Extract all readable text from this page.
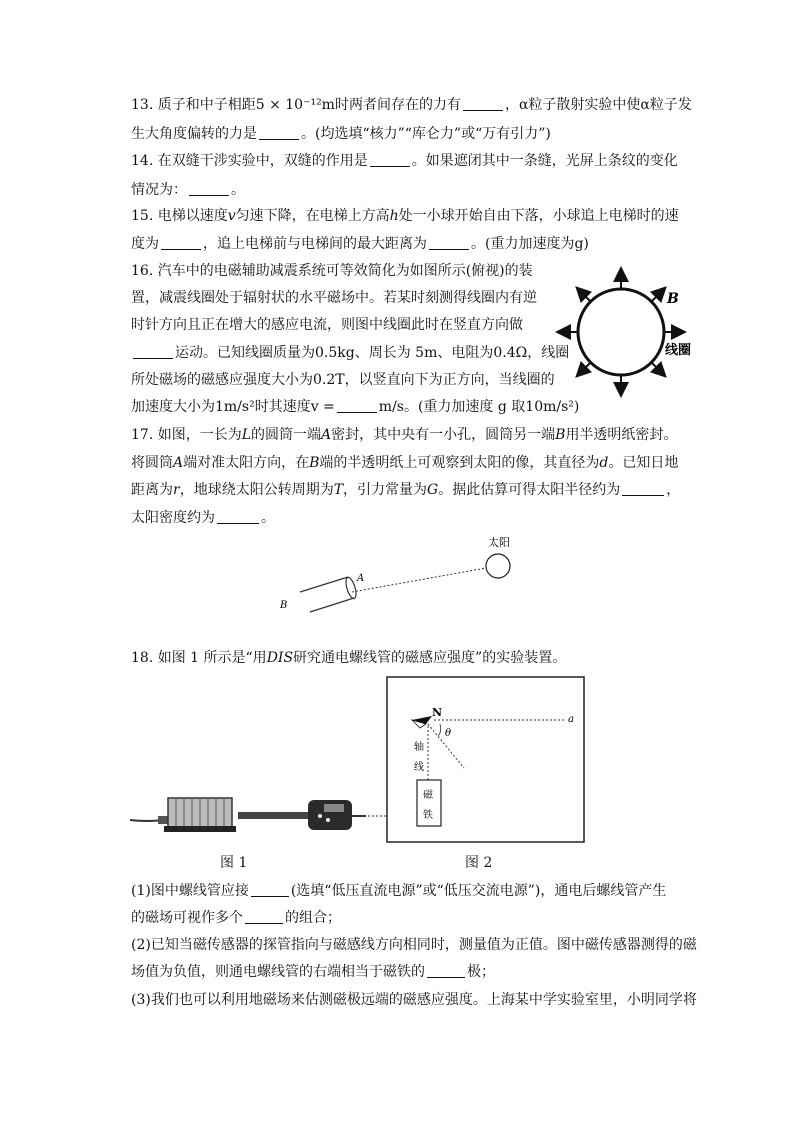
13. 质子和中子相距5 × 10⁻¹²m时两者间存在的力有	，α粒子散射实验中使α粒子发
生大角度偏转的力是	。(均选填“核力”“库仑力”或“万有引力”)
14. 在双缝干涉实验中，双缝的作用是	。如果遮闭其中一条缝，光屏上条纹的变化
情况为：	。
15. 电梯以速度v匀速下降，在电梯上方高h处一小球开始自由下落，小球追上电梯时的速
度为	，追上电梯前与电梯间的最大距离为	。(重力加速度为g)
16. 汽车中的电磁辅助减震系统可等效简化为如图所示(俯视)的装
置，减震线圈处于辐射状的水平磁场中。若某时刻测得线圈内有逆
时针方向且正在增大的感应电流，则图中线圈此时在竖直方向做
运动。已知线圈质量为0.5kg、周长为 5m、电阻为0.4Ω，线圈
所处磁场的磁感应强度大小为0.2T，以竖直向下为正方向，当线圈的
加速度大小为1m/s²时其速度v =	m/s。(重力加速度 g 取10m/s²)
B
线圈
17. 如图，一长为L的圆筒一端A密封，其中央有一小孔，圆筒另一端B用半透明纸密封。
将圆筒A端对准太阳方向，在B端的半透明纸上可观察到太阳的像，其直径为d。已知日地
距离为r，地球绕太阳公转周期为T，引力常量为G。据此估算可得太阳半径约为	，
太阳密度约为	。
太阳
A
B
18. 如图 1 所示是“用DIS研究通电螺线管的磁感应强度”的实验装置。
N
a
θ
轴
线
磁
铁
图 1	图 2
(1)图中螺线管应接	(选填“低压直流电源”或“低压交流电源”)，通电后螺线管产生
的磁场可视作多个	的组合；
(2)已知当磁传感器的探管指向与磁感线方向相同时，测量值为正值。图中磁传感器测得的磁
场值为负值，则通电螺线管的右端相当于磁铁的	极；
(3)我们也可以利用地磁场来估测磁极远端的磁感应强度。上海某中学实验室里，小明同学将
